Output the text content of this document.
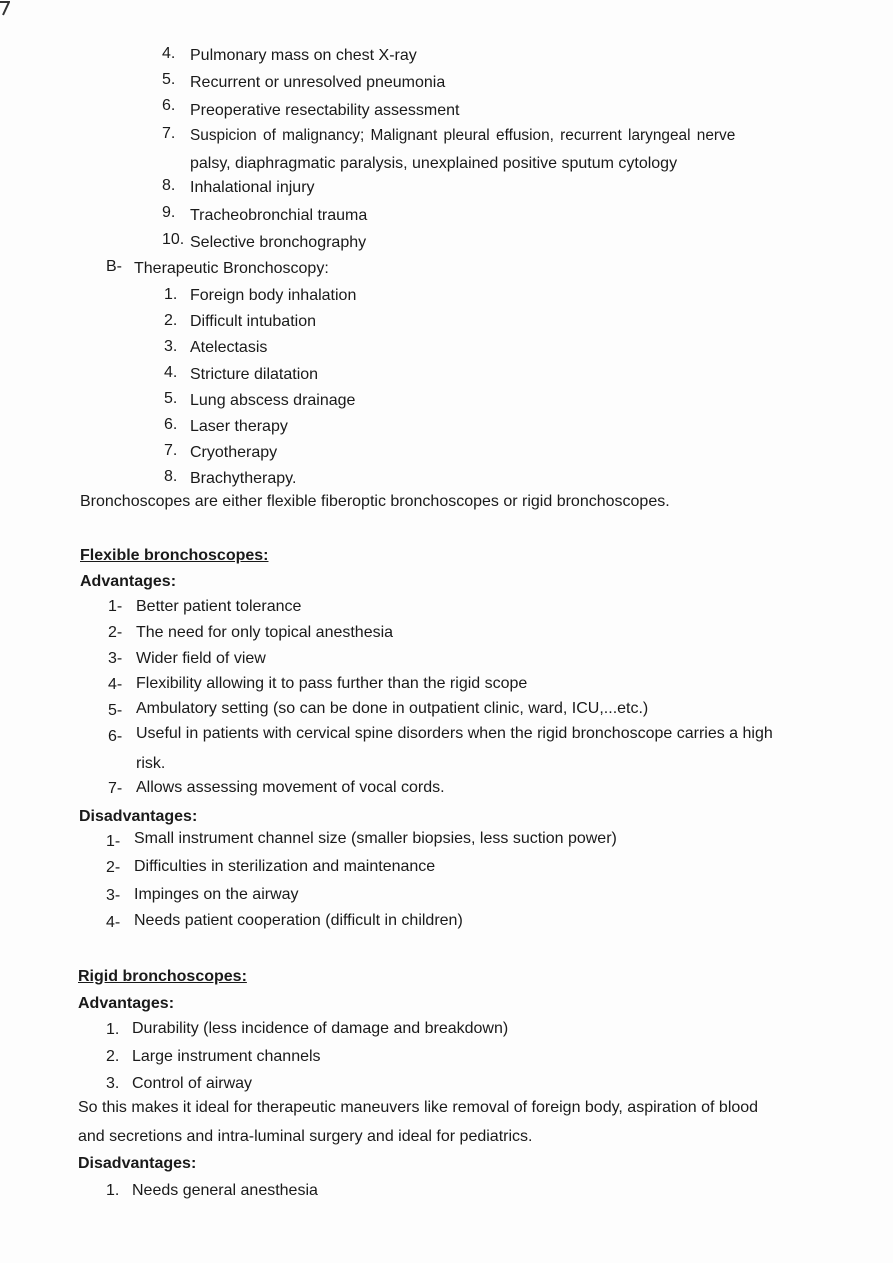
4. Pulmonary mass on chest X-ray
5. Recurrent or unresolved pneumonia
6. Preoperative resectability assessment
7. Suspicion of malignancy; Malignant pleural effusion, recurrent laryngeal nerve
palsy, diaphragmatic paralysis, unexplained positive sputum cytology
8. Inhalational injury
9. Tracheobronchial trauma
10. Selective bronchography
B- Therapeutic Bronchoscopy:
1. Foreign body inhalation
2. Difficult intubation
3. Atelectasis
4. Stricture dilatation
5. Lung abscess drainage
6. Laser therapy
7. Cryotherapy
8. Brachytherapy.
Bronchoscopes are either flexible fiberoptic bronchoscopes or rigid bronchoscopes.
Flexible bronchoscopes:
Advantages:
1- Better patient tolerance
2- The need for only topical anesthesia
3- Wider field of view
4- Flexibility allowing it to pass further than the rigid scope
5- Ambulatory setting (so can be done in outpatient clinic, ward, ICU,...etc.)
6- Useful in patients with cervical spine disorders when the rigid bronchoscope carries a high
risk.
7- Allows assessing movement of vocal cords.
Disadvantages:
1- Small instrument channel size (smaller biopsies, less suction power)
2- Difficulties in sterilization and maintenance
3- Impinges on the airway
4- Needs patient cooperation (difficult in children)
Rigid bronchoscopes:
Advantages:
1. Durability (less incidence of damage and breakdown)
2. Large instrument channels
3. Control of airway
So this makes it ideal for therapeutic maneuvers like removal of foreign body, aspiration of blood
and secretions and intra-luminal surgery and ideal for pediatrics.
Disadvantages:
1. Needs general anesthesia
